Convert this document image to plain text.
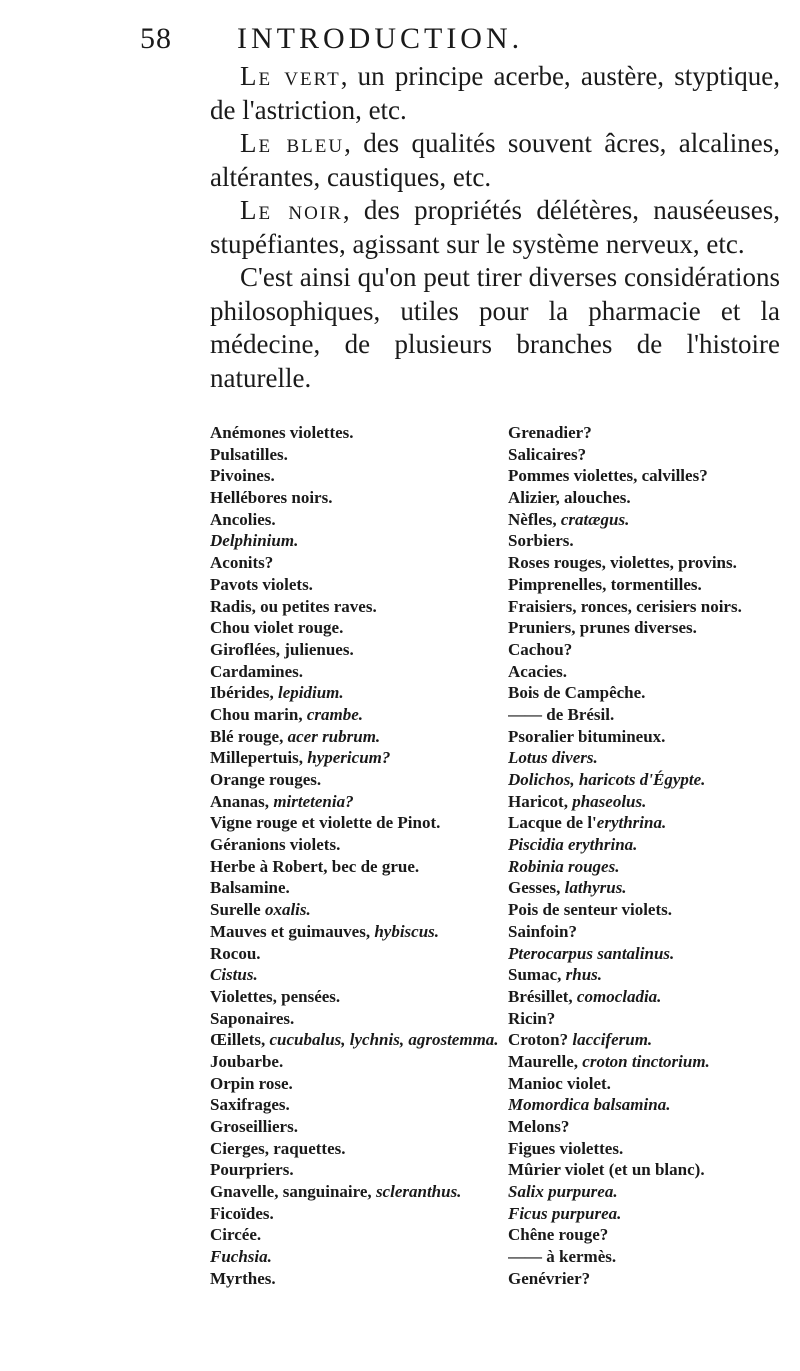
58 INTRODUCTION.

Le vert, un principe acerbe, austère, styptique, de l'astriction, etc.

Le bleu, des qualités souvent âcres, alcalines, altérantes, caustiques, etc.

Le noir, des propriétés délétères, nauséeuses, stupéfiantes, agissant sur le système nerveux, etc.

C'est ainsi qu'on peut tirer diverses considérations philosophiques, utiles pour la pharmacie et la médecine, de plusieurs branches de l'histoire naturelle.

Anémones violettes.
Pulsatilles.
Pivoines.
Hellébores noirs.
Ancolies.
Delphinium.
Aconits?
Pavots violets.
Radis, ou petites raves.
Chou violet rouge.
Giroflées, julienues.
Cardamines.
Ibérides, lepidium.
Chou marin, crambe.
Blé rouge, acer rubrum.
Millepertuis, hypericum?
Orange rouges.
Ananas, mirtetenia?
Vigne rouge et violette de Pinot.
Géranions violets.
Herbe à Robert, bec de grue.
Balsamine.
Surelle oxalis.
Mauves et guimauves, hybiscus.
Rocou.
Cistus.
Violettes, pensées.
Saponaires.
Œillets, cucubalus, lychnis, agrostemma.
Joubarbe.
Orpin rose.
Saxifrages.
Groseilliers.
Cierges, raquettes.
Pourpriers.
Gnavelle, sanguinaire, scleranthus.
Ficoïdes.
Circée.
Fuchsia.
Myrthes.
Grenadier?
Salicaires?
Pommes violettes, calvilles?
Alizier, alouches.
Nèfles, cratægus.
Sorbiers.
Roses rouges, violettes, provins.
Pimprenelles, tormentilles.
Fraisiers, ronces, cerisiers noirs.
Pruniers, prunes diverses.
Cachou?
Acacies.
Bois de Campêche.
—— de Brésil.
Psoralier bitumineux.
Lotus divers.
Dolichos, haricots d'Égypte.
Haricot, phaseolus.
Lacque de l'erythrina.
Piscidia erythrina.
Robinia rouges.
Gesses, lathyrus.
Pois de senteur violets.
Sainfoin?
Pterocarpus santalinus.
Sumac, rhus.
Brésillet, comocladia.
Ricin?
Croton? lacciferum.
Maurelle, croton tinctorium.
Manioc violet.
Momordica balsamina.
Melons?
Figues violettes.
Mûrier violet (et un blanc).
Salix purpurea.
Ficus purpurea.
Chêne rouge?
—— à kermès.
Genévrier?
